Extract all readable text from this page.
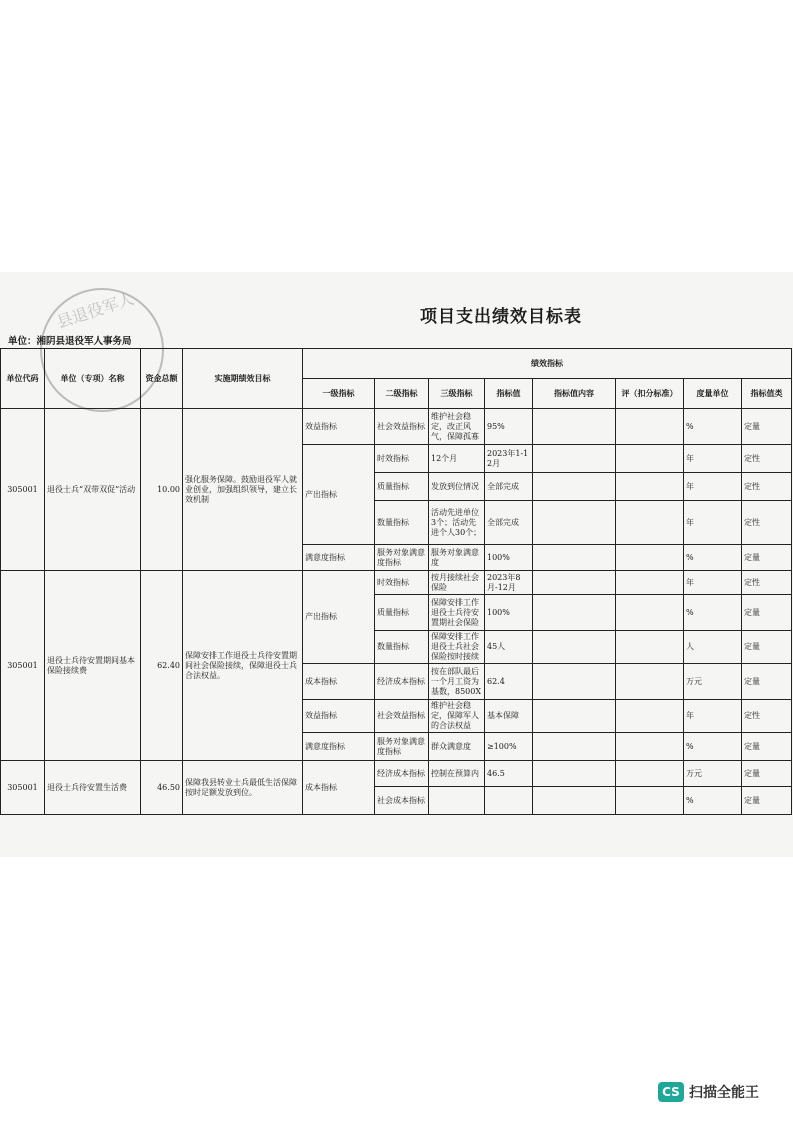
县退役军人	项目支出绩效目标表
单位：湘阴县退役军人事务局
单位代码	单位（专项）名称	资金总额	实施期绩效目标	绩效指标							
				一级指标	二级指标	三级指标	指标值	指标值内容	评（扣分标准）	度量单位	指标值类
305001	退役士兵“双带双促”活动	10.00	强化服务保障。鼓励退役军人就业创业，加强组织领导，建立长效机制	效益指标	社会效益指标	维护社会稳定，改正风气，保障孤寡	95%			%	定量
				产出指标	时效指标	12个月	2023年1-12月			年	定性
					质量指标	发放到位情况	全部完成			年	定性
					数量指标	活动先进单位3个；活动先进个人30个；	全部完成			年	定性
				满意度指标	服务对象满意度指标	服务对象满意度	100%			%	定量
305001	退役士兵待安置期间基本保险接续费	62.40	保障安排工作退役士兵待安置期间社会保险接续，保障退役士兵合法权益。	产出指标	时效指标	按月接续社会保险	2023年8月-12月			年	定性
					质量指标	保障安排工作退役士兵待安置期社会保险	100%			%	定量
					数量指标	保障安排工作退役士兵社会保险按时接续	45人			人	定量
				成本指标	经济成本指标	按在部队最后一个月工资为基数，8500X	62.4			万元	定量
				效益指标	社会效益指标	维护社会稳定，保障军人的合法权益	基本保障			年	定性
				满意度指标	服务对象满意度指标	群众满意度	≥100%			%	定量
305001	退役士兵待安置生活费	46.50	保障我县转业士兵最低生活保障按时足额发放到位。	成本指标	经济成本指标	控制在预算内	46.5			万元	定量
					社会成本指标					%	定量
CS 扫描全能王
